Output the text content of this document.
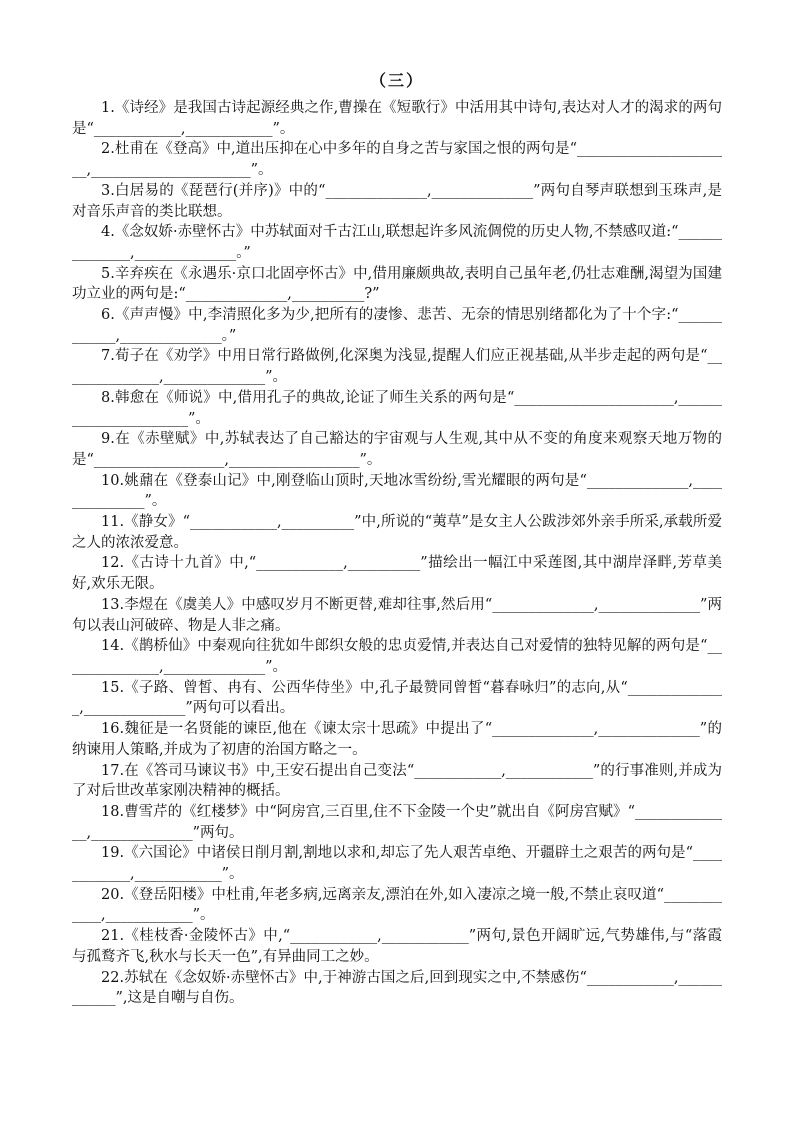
（三）

1.《诗经》是我国古诗起源经典之作,曹操在《短歌行》中活用其中诗句,表达对人才的渴求的两句是“____________,____________”。

2.杜甫在《登高》中,道出压抑在心中多年的自身之苦与家国之恨的两句是“______________________,______________________”。

3.白居易的《琵琶行(并序)》中的“______________,______________”两句自琴声联想到玉珠声,是对音乐声音的类比联想。

4.《念奴娇·赤壁怀古》中苏轼面对千古江山,联想起许多风流倜傥的历史人物,不禁感叹道:“______________,______________。”

5.辛弃疾在《永遇乐·京口北固亭怀古》中,借用廉颇典故,表明自己虽年老,仍壮志难酬,渴望为国建功立业的两句是:“______________,__________?”

6.《声声慢》中,李清照化多为少,把所有的凄惨、悲苦、无奈的情思别绪都化为了十个字:“____________,______________。”

7.荀子在《劝学》中用日常行路做例,化深奥为浅显,提醒人们应正视基础,从半步走起的两句是“______________,______________”。

8.韩愈在《师说》中,借用孔子的典故,论证了师生关系的两句是“______________________,______________________”。

9.在《赤壁赋》中,苏轼表达了自己豁达的宇宙观与人生观,其中从不变的角度来观察天地万物的是“__________________,__________________”。

10.姚鼐在《登泰山记》中,刚登临山顶时,天地冰雪纷纷,雪光耀眼的两句是“______________,______________”。

11.《静女》“____________,__________”中,所说的“荑草”是女主人公跋涉郊外亲手所采,承载所爱之人的浓浓爱意。

12.《古诗十九首》中,“____________,__________”描绘出一幅江中采莲图,其中湖岸泽畔,芳草美好,欢乐无限。

13.李煜在《虞美人》中感叹岁月不断更替,难却往事,然后用“______________,______________”两句以表山河破碎、物是人非之痛。

14.《鹊桥仙》中秦观向往犹如牛郎织女般的忠贞爱情,并表达自己对爱情的独特见解的两句是“______________,______________”。

15.《子路、曾皙、冉有、公西华侍坐》中,孔子最赞同曾皙“暮春咏归”的志向,从“______________,______________”两句可以看出。

16.魏征是一名贤能的谏臣,他在《谏太宗十思疏》中提出了“______________,______________”的纳谏用人策略,并成为了初唐的治国方略之一。

17.在《答司马谏议书》中,王安石提出自己变法“____________,____________”的行事准则,并成为了对后世改革家刚决精神的概括。

18.曹雪芹的《红楼梦》中“阿房宫,三百里,住不下金陵一个史”就出自《阿房宫赋》“______________,______________”两句。

19.《六国论》中诸侯日削月割,割地以求和,却忘了先人艰苦卓绝、开疆辟土之艰苦的两句是“____________,____________”。

20.《登岳阳楼》中杜甫,年老多病,远离亲友,漂泊在外,如入凄凉之境一般,不禁止哀叹道“____________,____________”。

21.《桂枝香·金陵怀古》中,“____________,____________”两句,景色开阔旷远,气势雄伟,与“落霞与孤鹜齐飞,秋水与长天一色”,有异曲同工之妙。

22.苏轼在《念奴娇·赤壁怀古》中,于神游古国之后,回到现实之中,不禁感伤“____________,____________”,这是自嘲与自伤。
